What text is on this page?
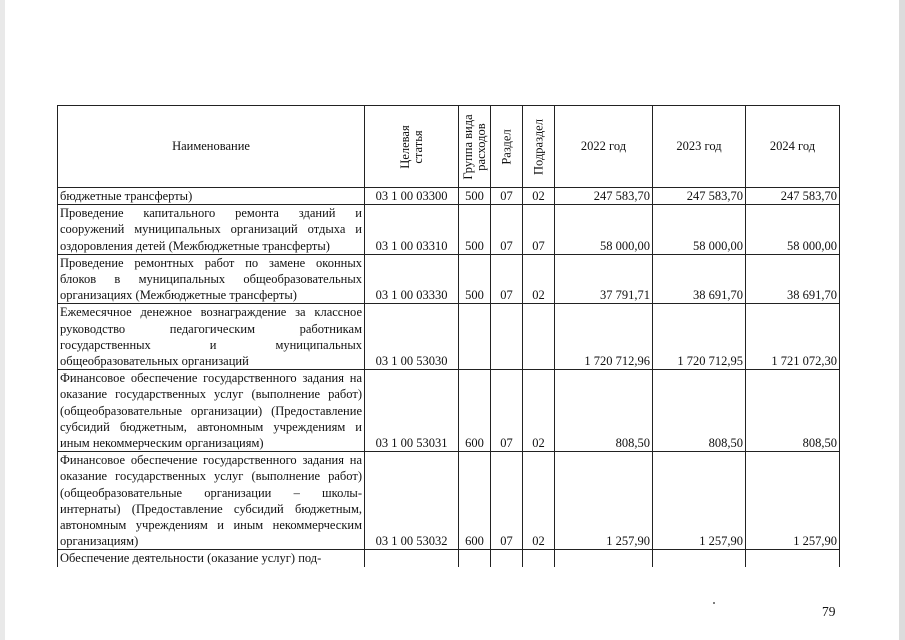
Наименование	Целевая статья	Группа вида расходов	Раздел	Подраздел	2022 год	2023 год	2024 год
бюджетные трансферты)	03 1 00 03300	500	07	02	247 583,70	247 583,70	247 583,70
Проведение капитального ремонта зданий и сооружений муниципальных организаций отдыха и оздоровления детей (Межбюджетные трансферты)	03 1 00 03310	500	07	07	58 000,00	58 000,00	58 000,00
Проведение ремонтных работ по замене оконных блоков в муниципальных общеобразовательных организациях (Межбюджетные трансферты)	03 1 00 03330	500	07	02	37 791,71	38 691,70	38 691,70
Ежемесячное денежное вознаграждение за классное руководство педагогическим работникам государственных и муниципальных общеобразовательных организаций	03 1 00 53030				1 720 712,96	1 720 712,95	1 721 072,30
Финансовое обеспечение государственного задания на оказание государственных услуг (выполнение работ) (общеобразовательные организации) (Предоставление субсидий бюджетным, автономным учреждениям и иным некоммерческим организациям)	03 1 00 53031	600	07	02	808,50	808,50	808,50
Финансовое обеспечение государственного задания на оказание государственных услуг (выполнение работ) (общеобразовательные организации – школы-интернаты) (Предоставление субсидий бюджетным, автономным учреждениям и иным некоммерческим организациям)	03 1 00 53032	600	07	02	1 257,90	1 257,90	1 257,90
Обеспечение деятельности (оказание услуг) под-							
79
